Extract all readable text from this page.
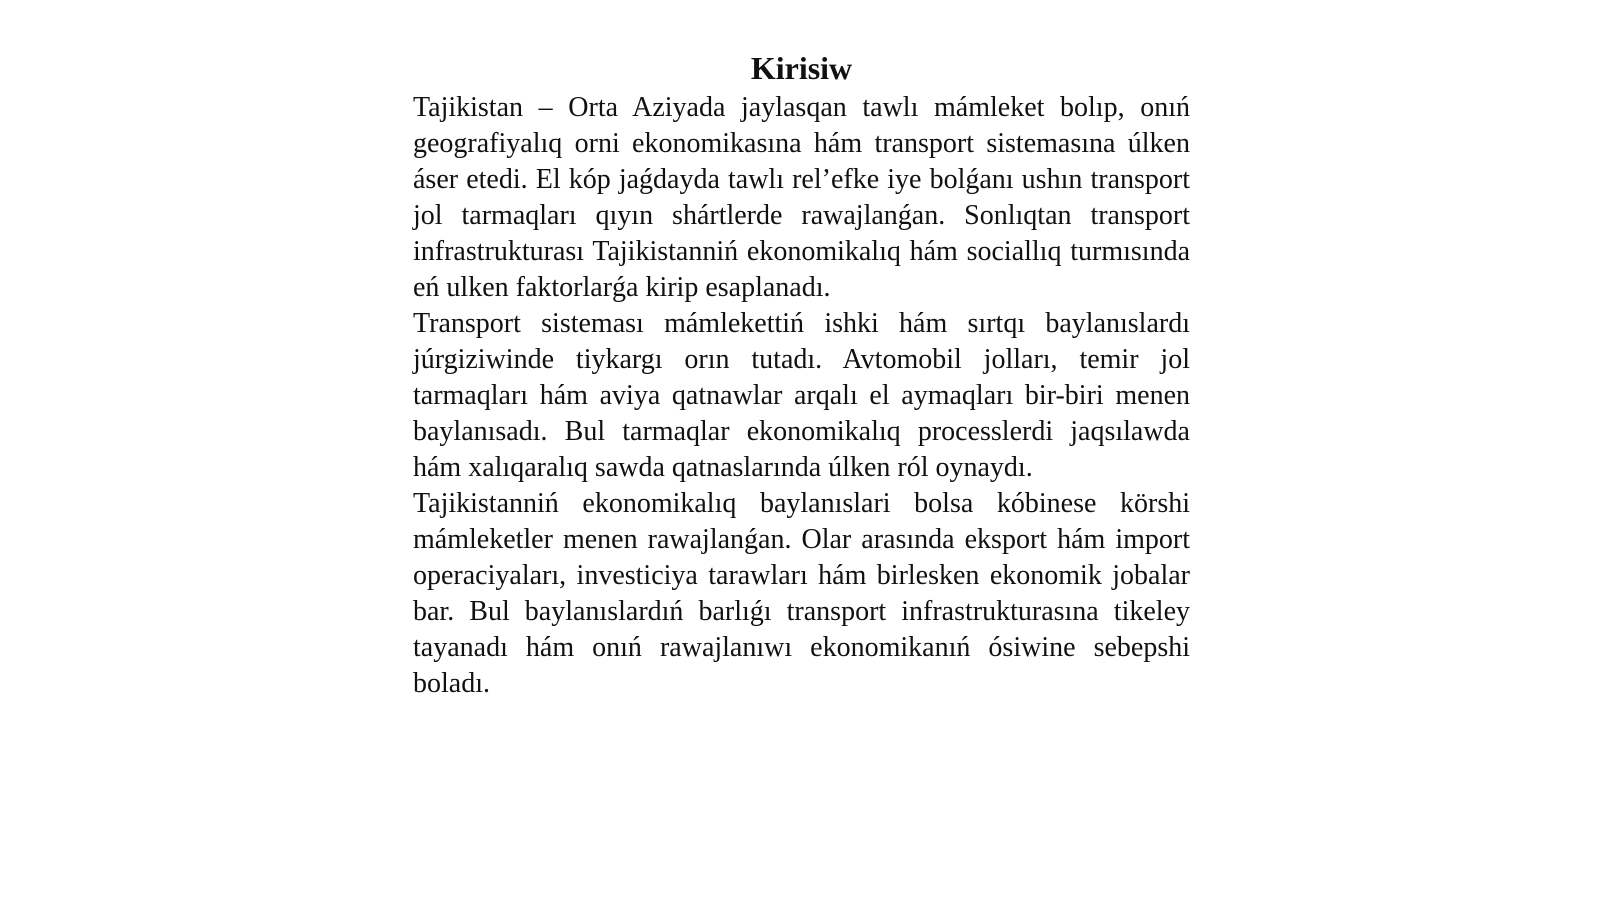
Kirisiw

Tajikistan – Orta Aziyada jaylasqan tawlı mámleket bolıp, onıń geografiyalıq orni ekonomikasına hám transport sistemasına úlken áser etedi. El kóp jaǵdayda tawlı rel’efke iye bolǵanı ushın transport jol tarmaqları qıyın shártlerde rawajlanǵan. Sonlıqtan transport infrastrukturası Tajikistanniń ekonomikalıq hám sociallıq turmısında eń ulken faktorlarǵa kirip esaplanadı.

Transport sisteması mámlekettiń ishki hám sırtqı baylanıslardı júrgiziwinde tiykargı orın tutadı. Avtomobil jolları, temir jol tarmaqları hám aviya qatnawlar arqalı el aymaqları bir-biri menen baylanısadı. Bul tarmaqlar ekonomikalıq processlerdi jaqsılawda hám xalıqaralıq sawda qatnaslarında úlken ról oynaydı.

Tajikistanniń ekonomikalıq baylanıslari bolsa kóbinese körshi mámleketler menen rawajlanǵan. Olar arasında eksport hám import operaciyaları, investiciya tarawları hám birlesken ekonomik jobalar bar. Bul baylanıslardıń barlıǵı transport infrastrukturasına tikeley tayanadı hám onıń rawajlanıwı ekonomikanıń ósiwine sebepshi boladı.
